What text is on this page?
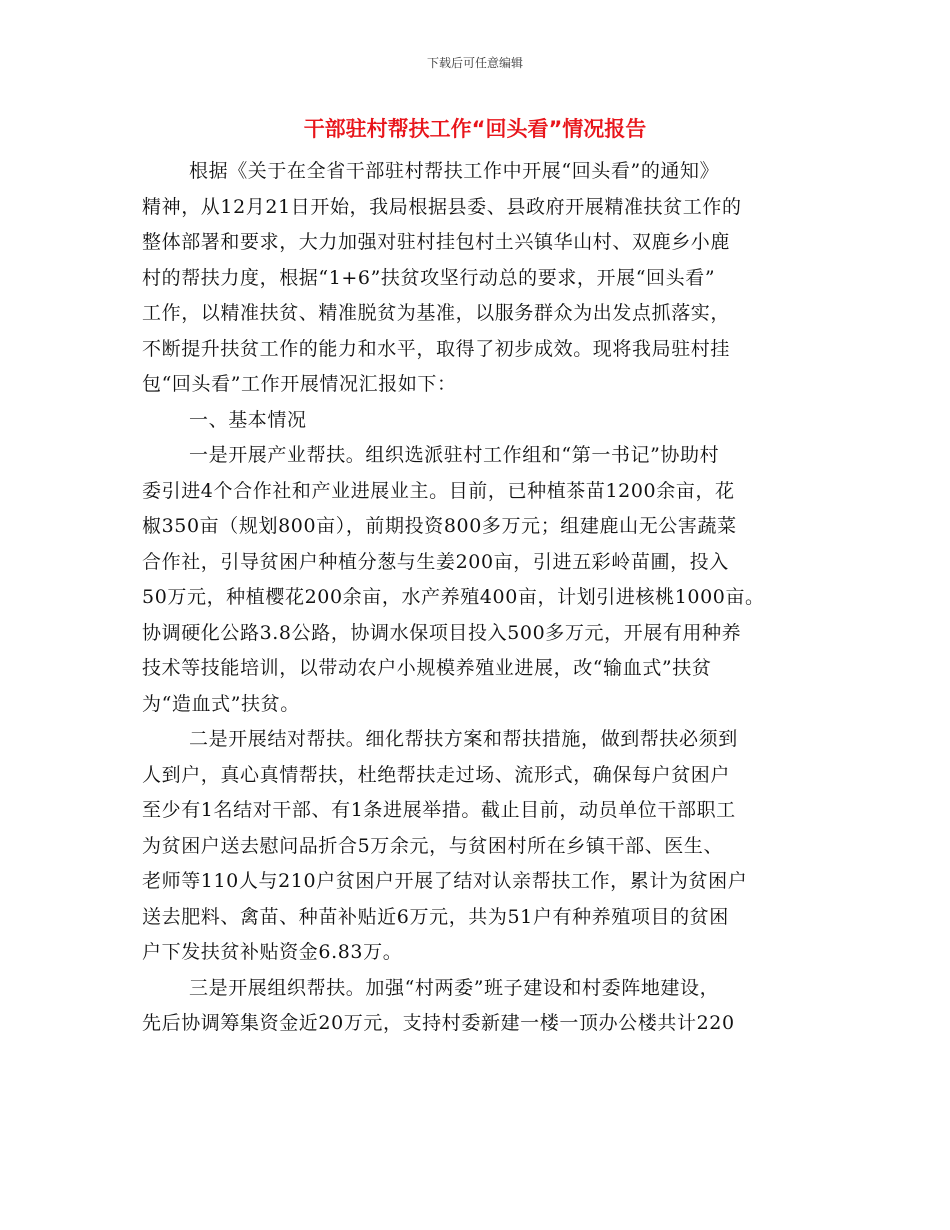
下载后可任意编辑
干部驻村帮扶工作“回头看”情况报告
根据《关于在全省干部驻村帮扶工作中开展“回头看”的通知》
精神，从12月21日开始，我局根据县委、县政府开展精准扶贫工作的
整体部署和要求，大力加强对驻村挂包村土兴镇华山村、双鹿乡小鹿
村的帮扶力度，根据“1+6”扶贫攻坚行动总的要求，开展“回头看”
工作，以精准扶贫、精准脱贫为基准，以服务群众为出发点抓落实，
不断提升扶贫工作的能力和水平，取得了初步成效。现将我局驻村挂
包“回头看”工作开展情况汇报如下：
一、基本情况
一是开展产业帮扶。组织选派驻村工作组和“第一书记”协助村
委引进4个合作社和产业进展业主。目前，已种植茶苗1200余亩，花
椒350亩（规划800亩），前期投资800多万元；组建鹿山无公害蔬菜
合作社，引导贫困户种植分葱与生姜200亩，引进五彩岭苗圃，投入
50万元，种植樱花200余亩，水产养殖400亩，计划引进核桃1000亩。
协调硬化公路3.8公路，协调水保项目投入500多万元，开展有用种养
技术等技能培训，以带动农户小规模养殖业进展，改“输血式”扶贫
为“造血式”扶贫。
二是开展结对帮扶。细化帮扶方案和帮扶措施，做到帮扶必须到
人到户，真心真情帮扶，杜绝帮扶走过场、流形式，确保每户贫困户
至少有1名结对干部、有1条进展举措。截止目前，动员单位干部职工
为贫困户送去慰问品折合5万余元，与贫困村所在乡镇干部、医生、
老师等110人与210户贫困户开展了结对认亲帮扶工作，累计为贫困户
送去肥料、禽苗、种苗补贴近6万元，共为51户有种养殖项目的贫困
户下发扶贫补贴资金6.83万。
三是开展组织帮扶。加强“村两委”班子建设和村委阵地建设，
先后协调筹集资金近20万元，支持村委新建一楼一顶办公楼共计220
